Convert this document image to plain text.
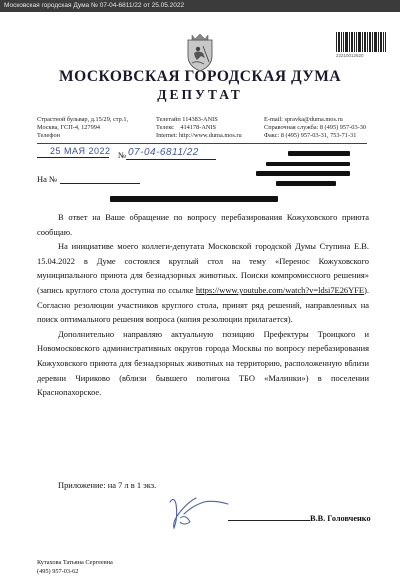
Московская городская Дума № 07-04-6811/22 от 25.05.2022
22210012620
МОСКОВСКАЯ ГОРОДСКАЯ ДУМА
ДЕПУТАТ
Страстной бульвар, д.15/29, стр.1,
Москва, ГСП-4, 127994
Телефон
Телетайп 114383-ANIS
Телекс    414178-ANIS
Internet: http://www.duma.mos.ru
E-mail: spravka@duma.mos.ru
Справочная служба: 8 (495) 957-03-30
Факс: 8 (495) 957-03-31, 753-71-31
25 МАЯ 2022 № 07-04-6811/22
На №

В ответ на Ваше обращение по вопросу перебазирования Кожуховского приюта сообщаю.

На инициативе моего коллеги-депутата Московской городской Думы Ступина Е.В. 15.04.2022 в Думе состоялся круглый стол на тему «Перенос Кожуховского муниципального приюта для безнадзорных животных. Поиски компромиссного решения» (запись круглого стола доступна по ссылке https://www.youtube.com/watch?v=ldsi7E26YFE). Согласно резолюции участников круглого стола, принят ряд решений, направленных на поиск оптимального решения вопроса (копия резолюции прилагается).

Дополнительно направляю актуальную позицию Префектуры Троицкого и Новомосковского административных округов города Москвы по вопросу перебазирования Кожуховского приюта для безнадзорных животных на территорию, расположенную вблизи деревни Чириково (вблизи бывшего полигона ТБО «Малинки») в поселении Краснопахорское.

Приложение: на 7 л в 1 экз.
В.В. Головченко
Кутахова Татьяна Сергеевна
(495) 957-03-62
